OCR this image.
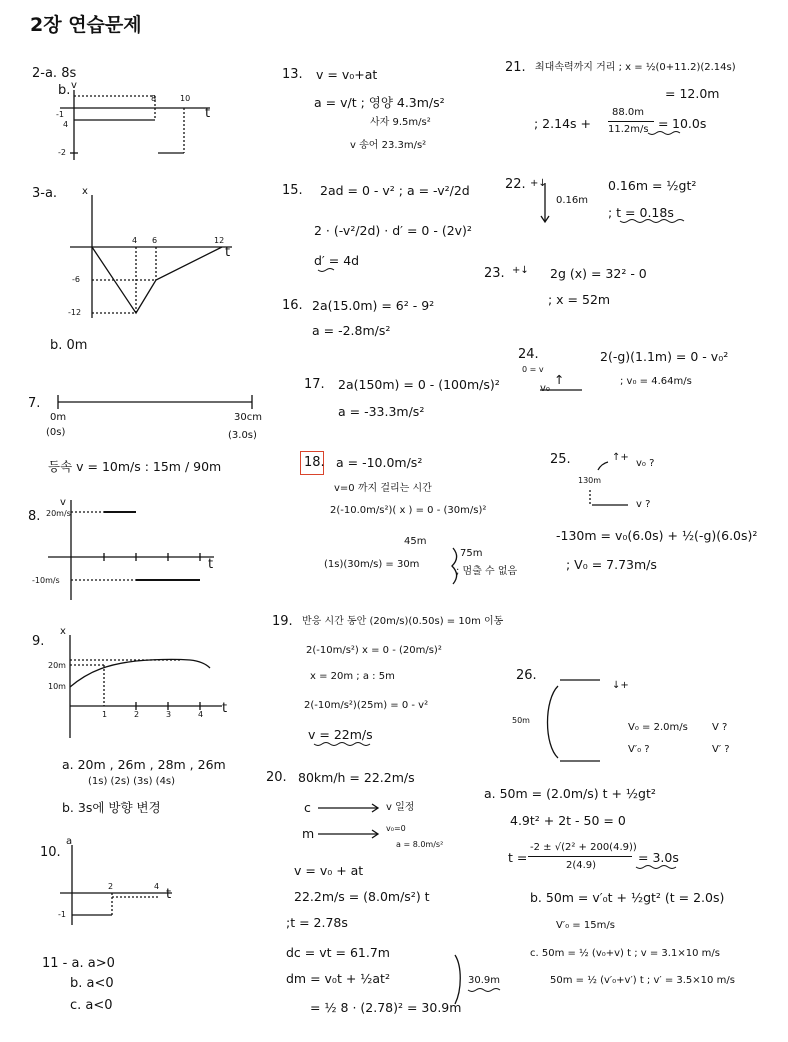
2장 연습문제
2-a. 8s
b. v
t
8	10
-1
4
-2
3-a. x
t
4 6	12
-6
-12
b. 0m
7.
0m
(0s)
30cm
(3.0s)
등속 v = 10m/s : 15m / 90m
8.
v
t
20m/s
-10m/s
9.
x
t
20m
10m
1	2	3	4
a. 20m , 26m , 28m , 26m
(1s) (2s) (3s) (4s)
b. 3s에 방향 변경
10.
a
t
2	4
-1
11 - a. a>0
b. a<0
c. a<0
13. v = v₀+at
a = v/t ; 영양 4.3m/s²
사자 9.5m/s²
v 송어 23.3m/s²
15. 2ad = 0 - v² ; a = -v²/2d
2 · (-v²/2d) · d′ = 0 - (2v)²
d′ = 4d
16. 2a(15.0m) = 6² - 9²
a = -2.8m/s²
17. 2a(150m) = 0 - (100m/s)²
a = -33.3m/s²
18. a = -10.0m/s²
v=0 까지 걸리는 시간
2(-10.0m/s²)( x ) = 0 - (30m/s)²
45m
(1s)(30m/s) = 30m
75m
; 멈출 수 없음
19. 반응 시간 동안 (20m/s)(0.50s) = 10m 이동
2(-10m/s²) x = 0 - (20m/s)²
x = 20m ; a : 5m
2(-10m/s²)(25m) = 0 - v²
v = 22m/s
20. 80km/h = 22.2m/s
c	v 일정
m	v₀=0
a = 8.0m/s²
v = v₀ + at
22.2m/s = (8.0m/s²) t
;t = 2.78s
dc = vt = 61.7m
dm = v₀t + ½at²
= ½ 8 · (2.78)² = 30.9m
30.9m
21. 최대속력까지 거리 ; x = ½(0+11.2)(2.14s)
= 12.0m
; 2.14s +
88.0m
11.2m/s = 10.0s
22. +↓
0.16m
0.16m = ½gt²
; t = 0.18s
23. +↓ 2g (x) = 32² - 0
; x = 52m
24.
0 = v
v₀
↑
2(-g)(1.1m) = 0 - v₀²
; v₀ = 4.64m/s
25.	↑+
v₀ ?
130m
v ?
-130m = v₀(6.0s) + ½(-g)(6.0s)²
; V₀ = 7.73m/s
26.
↓+
50m
V₀ = 2.0m/s V ?
V′₀ ?	V′ ?
a. 50m = (2.0m/s) t + ½gt²
4.9t² + 2t - 50 = 0
t =
-2 ± √(2² + 200(4.9))
2(4.9)
= 3.0s
b. 50m = v′₀t + ½gt² (t = 2.0s)
V′₀ = 15m/s
c. 50m = ½ (v₀+v) t ; v = 3.1×10 m/s
50m = ½ (v′₀+v′) t ; v′ = 3.5×10 m/s
